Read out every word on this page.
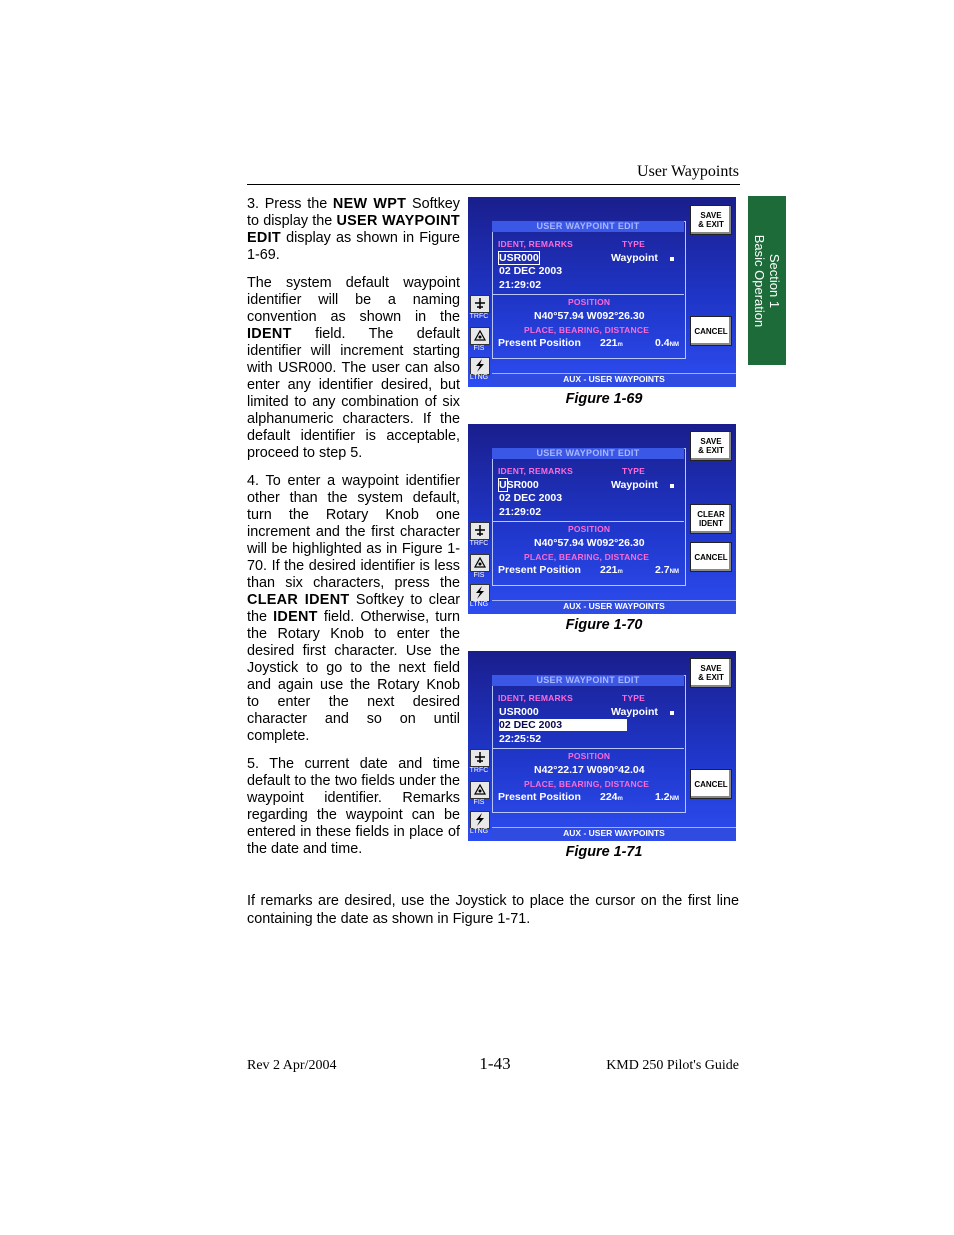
User Waypoints
Section 1
Basic Operation

3. Press the NEW WPT Softkey to display the USER WAYPOINT EDIT display as shown in Figure 1-69.

The system default waypoint identifier will be a naming convention as shown in the IDENT field. The default identifier will increment starting with USR000. The user can also enter any identifier desired, but limited to any combination of six alphanumeric characters. If the default identifier is acceptable, proceed to step 5.

4. To enter a waypoint identifier other than the system default, turn the Rotary Knob one increment and the first character will be highlighted as in Figure 1-70. If the desired identifier is less than six characters, press the CLEAR IDENT Softkey to clear the IDENT field. Otherwise, turn the Rotary Knob to enter the desired first character. Use the Joystick to go to the next field and again use the Rotary Knob to enter the next desired character and so on until complete.

5. The current date and time default to the two fields under the waypoint identifier. Remarks regarding the waypoint can be entered in these fields in place of the date and time.

USER WAYPOINT EDIT
IDENT, REMARKS	TYPE
USR000	Waypoint
02 DEC 2003
21:29:02
POSITION
N40°57.94 W092°26.30
PLACE, BEARING, DISTANCE
Present Position 221m	0.4NM
SAVE
& EXIT
CANCEL
TRFC
FIS
LTNG	AUX - USER WAYPOINTS
Figure 1-69
USER WAYPOINT EDIT
IDENT, REMARKS	TYPE
USR000	Waypoint
02 DEC 2003
21:29:02
POSITION
N40°57.94 W092°26.30
PLACE, BEARING, DISTANCE
Present Position 221m	2.7NM
SAVE
& EXIT
CLEAR
IDENT
CANCEL
TRFC
FIS
LTNG	AUX - USER WAYPOINTS
Figure 1-70
USER WAYPOINT EDIT
IDENT, REMARKS	TYPE
USR000	Waypoint
02 DEC 2003
22:25:52
POSITION
N42°22.17 W090°42.04
PLACE, BEARING, DISTANCE
Present Position 224m	1.2NM
SAVE
& EXIT
CANCEL
TRFC
FIS
LTNG	AUX - USER WAYPOINTS
Figure 1-71

If remarks are desired, use the Joystick to place the cursor on the first line containing the date as shown in Figure 1-71.

Rev 2 Apr/2004	1-43	KMD 250 Pilot's Guide
